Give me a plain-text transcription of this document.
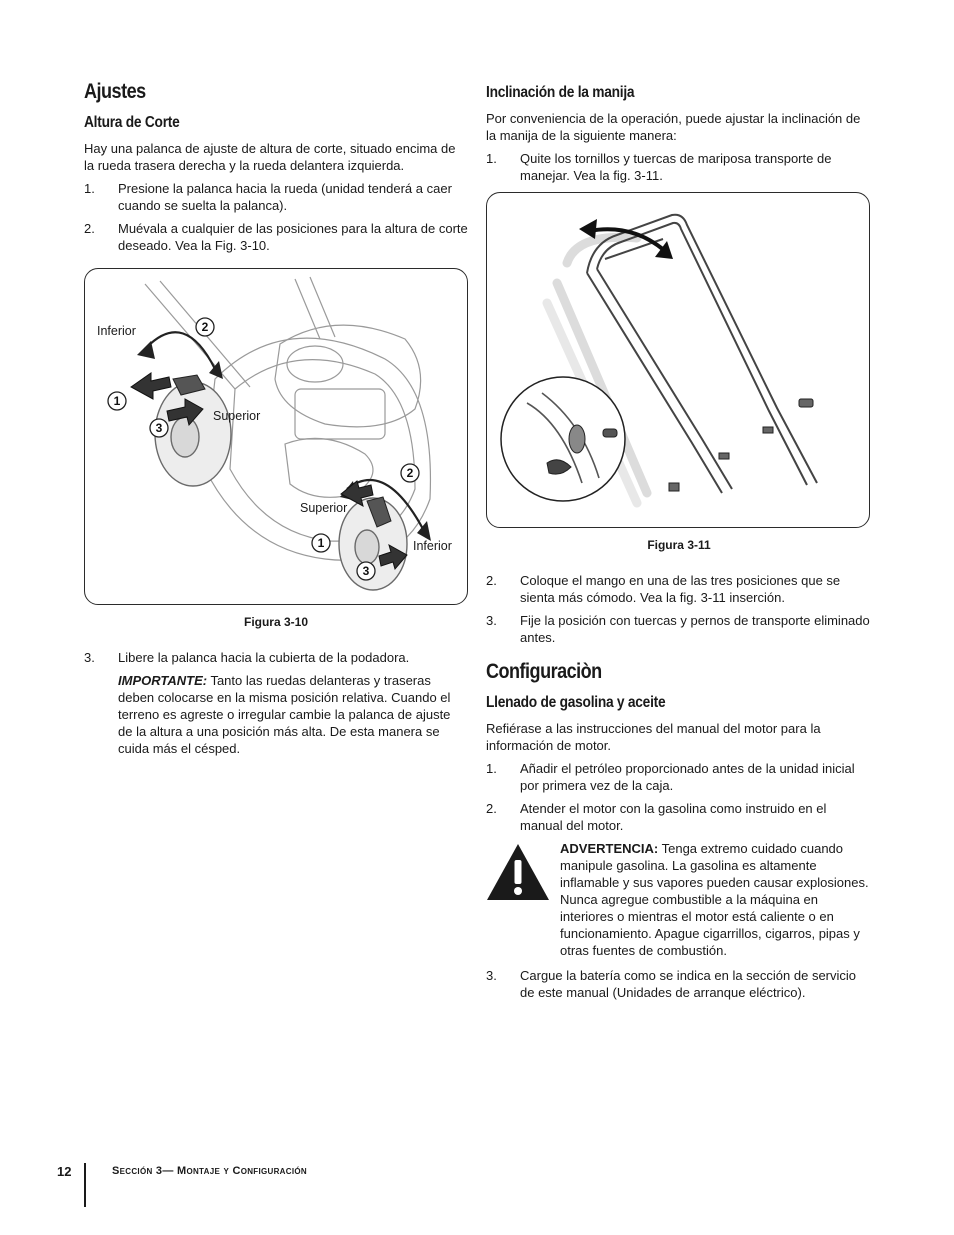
Ajustes
Altura de Corte

Hay una palanca de ajuste de altura de corte, situado encima de la rueda trasera derecha y la rueda delantera izquierda.

1. Presione la palanca hacia la rueda (unidad tenderá a caer cuando se suelta la palanca).
2. Muévala a cualquier de las posiciones para la altura de corte deseado. Vea la Fig. 3-10.
2
1
3
2
1
3
Inferior
Superior
Superior
Inferior
Figura 3-10
3. Libere la palanca hacia la cubierta de la podadora.

IMPORTANTE: Tanto las ruedas delanteras y traseras deben colocarse en la misma posición relativa. Cuando el terreno es agreste o irregular cambie la palanca de ajuste de la altura a una posición más alta. De esta manera se cuida más el césped.

Inclinación de la manija

Por conveniencia de la operación, puede ajustar la inclinación de la manija de la siguiente manera:

1. Quite los tornillos y tuercas de mariposa transporte de manejar. Vea la fig. 3-11.
Figura 3-11
2. Coloque el mango en una de las tres posiciones que se sienta más cómodo. Vea la fig. 3-11 inserción.
3. Fije la posición con tuercas y pernos de transporte eliminado antes.
Configuraciòn
Llenado de gasolina y aceite

Refiérase a las instrucciones del manual del motor para la información de motor.

1. Añadir el petróleo proporcionado antes de la unidad inicial por primera vez de la caja.
2. Atender el motor con la gasolina como instruido en el manual del motor.
ADVERTENCIA: Tenga extremo cuidado cuando manipule gasolina. La gasolina es altamente inflamable y sus vapores pueden causar explosiones. Nunca agregue combustible a la máquina en interiores o mientras el motor está caliente o en funcionamiento. Apague cigarrillos, cigarros, pipas y otras fuentes de combustión.
3. Cargue la batería como se indica en la sección de servicio de este manual (Unidades de arranque eléctrico).
12	Sección 3— Montaje y Configuración
